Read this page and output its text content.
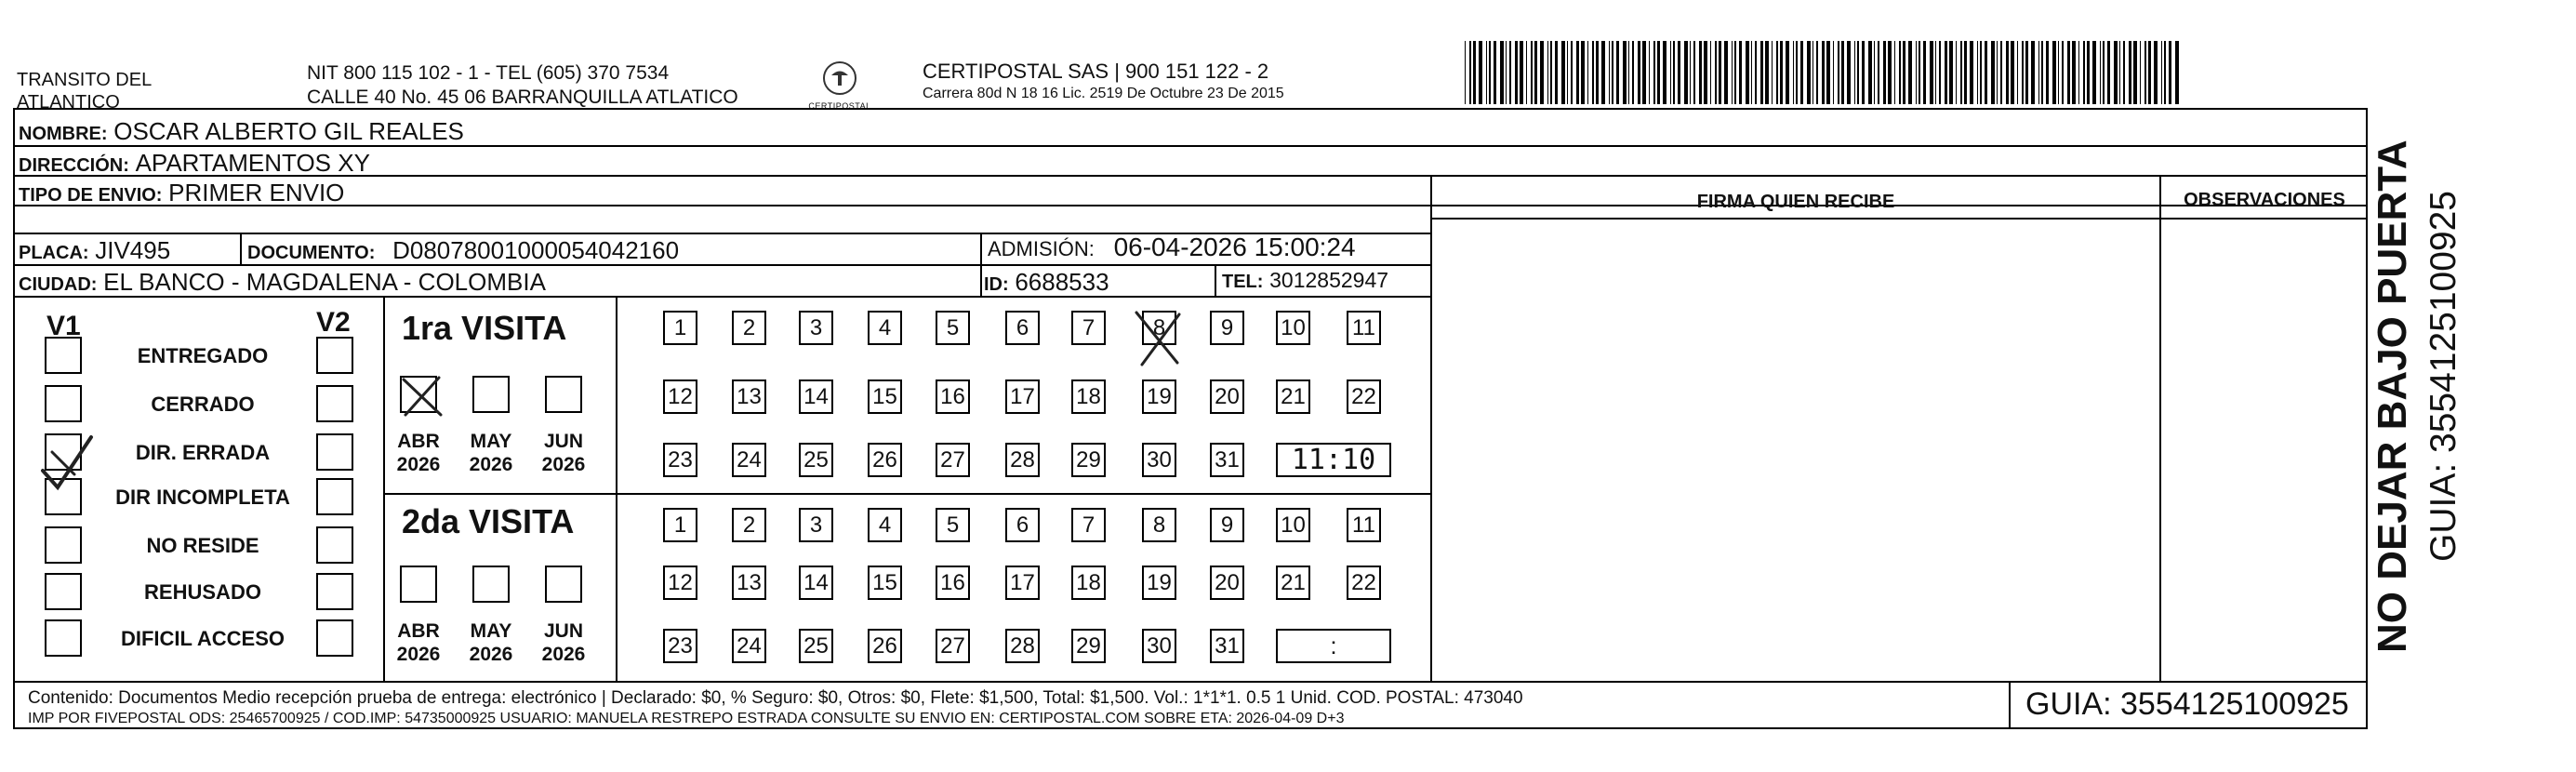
TRANSITO DEL
ATLANTICO
NIT 800 115 102 - 1 - TEL (605) 370 7534
CALLE 40 No. 45 06 BARRANQUILLA ATLATICO	CERTIPOSTAL
CERTIPOSTAL SAS | 900 151 122 - 2
Carrera 80d N 18 16 Lic. 2519 De Octubre 23 De 2015
NOMBRE: OSCAR ALBERTO GIL REALES
DIRECCIÓN: APARTAMENTOS XY
TIPO DE ENVIO: PRIMER ENVIO
PLACA: JIV495	DOCUMENTO: D08078001000054042160	ADMISIÓN: 06-04-2026 15:00:24
CIUDAD: EL BANCO - MAGDALENA - COLOMBIA	ID: 6688533	TEL: 3012852947
FIRMA QUIEN RECIBE	OBSERVACIONES
V1	V2
ENTREGADO
CERRADO
DIR. ERRADA
DIR INCOMPLETA
NO RESIDE
REHUSADO
DIFICIL ACCESO
1ra VISITA
2da VISITA
ABR
2026
MAY
2026
JUN
2026
ABR
2026
MAY
2026
JUN
2026
1	2	3	4	5	6	7	8	9	10 11
12 13 14 15 16 17 18 19 20 21 22
23 24 25 26 27 28 29 30 31	11:10
1	2	3	4	5	6	7	8	9	10 11
12 13 14 15 16 17 18 19 20 21 22
23 24 25 26 27 28 29 30 31	:
Contenido: Documentos Medio recepción prueba de entrega: electrónico | Declarado: $0, % Seguro: $0, Otros: $0, Flete: $1,500, Total: $1,500. Vol.: 1*1*1. 0.5 1 Unid. COD. POSTAL: 473040
IMP POR FIVEPOSTAL ODS: 25465700925 / COD.IMP: 54735000925 USUARIO: MANUELA RESTREPO ESTRADA CONSULTE SU ENVIO EN: CERTIPOSTAL.COM SOBRE ETA: 2026-04-09 D+3	GUIA: 3554125100925
NO DEJAR BAJO PUERTA GUIA: 3554125100925
